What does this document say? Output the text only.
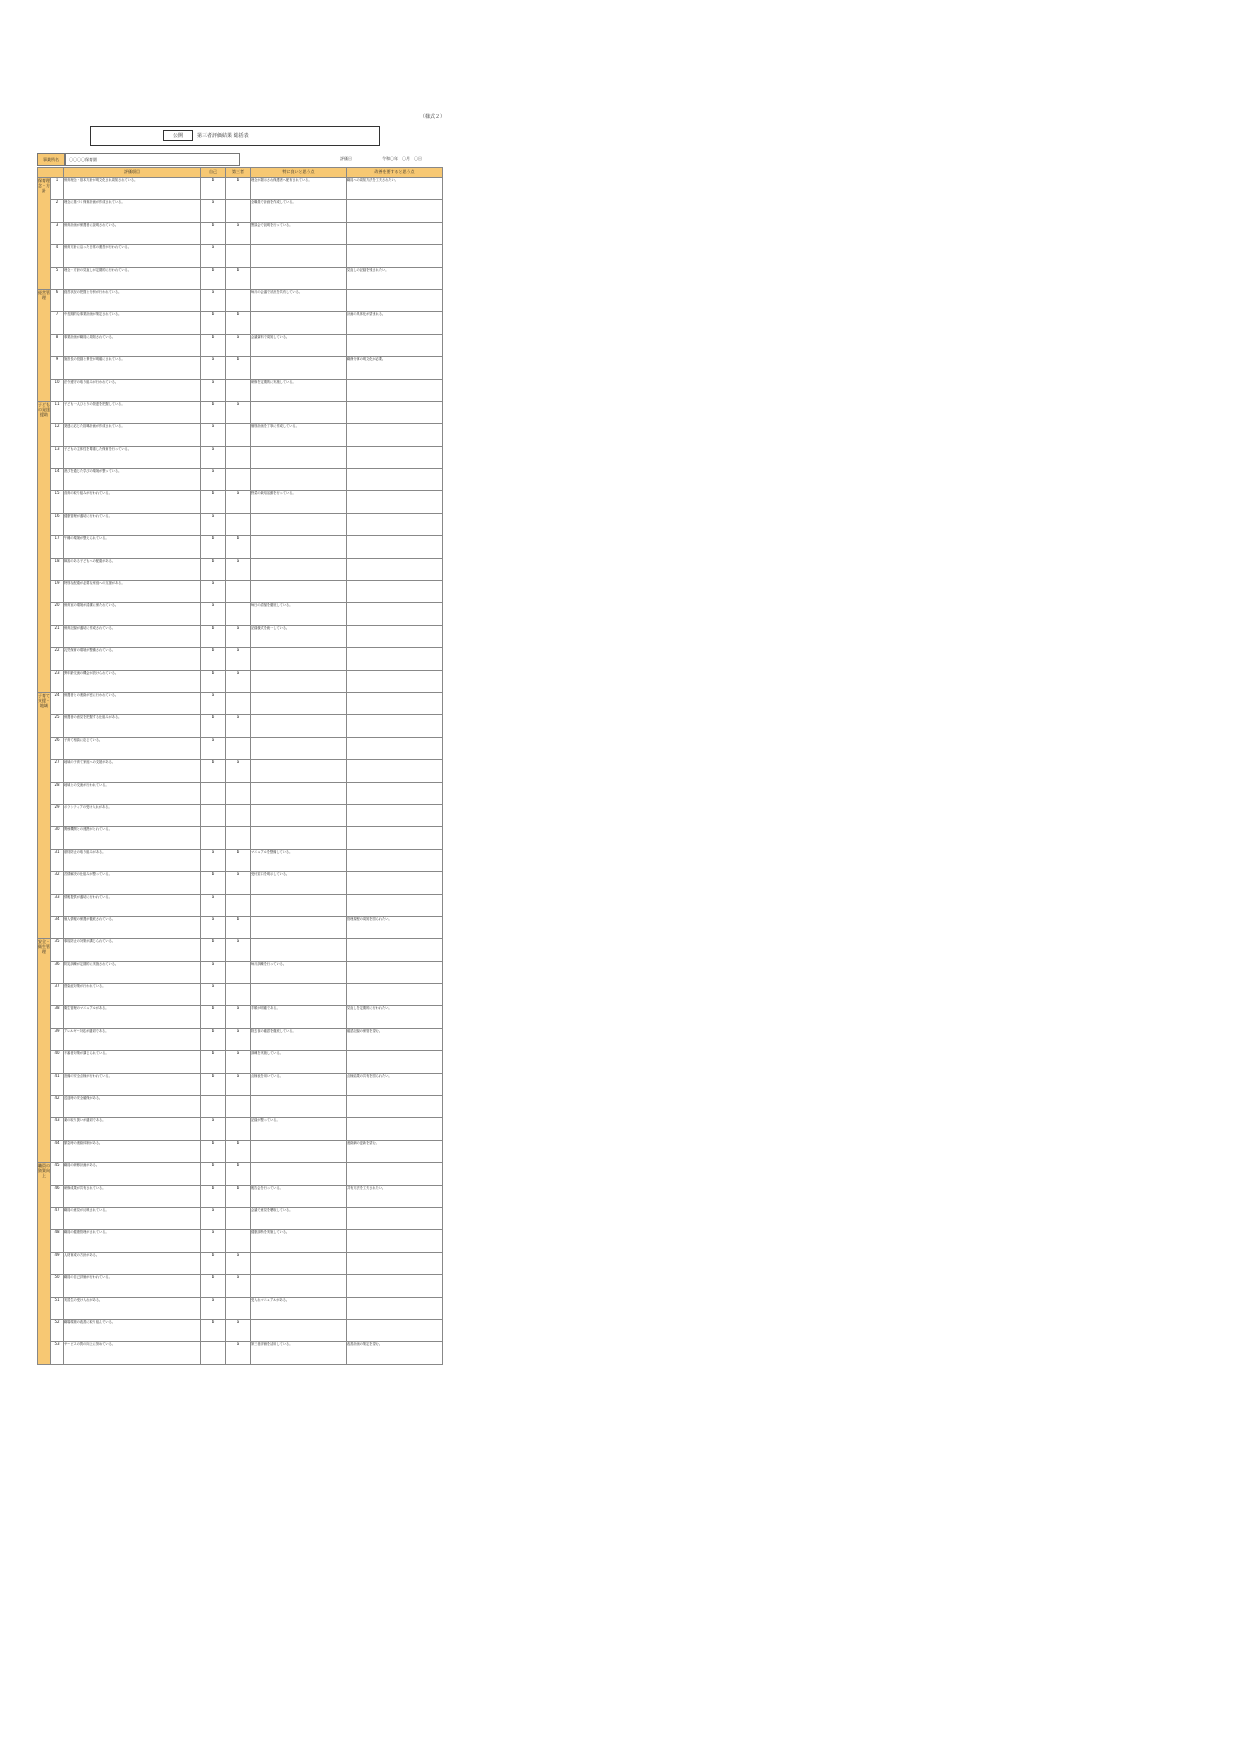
（様式２）
公開	第三者評価結果 総括表
事業所名	〇〇〇〇保育園	評価日	令和〇年　〇月　〇日
		評価項目	自己	第三者	特に良いと思う点	改善を要すると思う点
保育理念・方針	1	保育理念・基本方針が明文化され周知されている。	b	b	理念が掲示され保護者へ配布されている。	職員への周知方法を工夫されたい。
	2	理念に基づく保育計画が作成されている。	a		全職員で計画を作成している。	
	3	保育計画が保護者に説明されている。	b	a	懇談会で説明を行っている。	
	4	保育方針に沿った日常の運営が行われている。	a			
	5	理念・方針の見直しが定期的に行われている。	b	b		見直しの記録を残されたい。
経営管理	6	経営状況の把握と分析が行われている。	a		毎月の会議で状況を共有している。	
	7	中長期的な事業計画が策定されている。	b	b		計画の具体化が望まれる。
	8	事業計画が職員に周知されている。	b	a	会議資料で周知している。	
	9	施設長の役割と責任が明確にされている。	a	b		職務分掌の明文化が必要。
	10	法令遵守の取り組みが行われている。	a		研修を定期的に実施している。	
子どもの発達援助	11	子ども一人ひとりの発達を把握している。	b	a		
	12	発達に応じた指導計画が作成されている。	a		個別計画を丁寧に作成している。	
	13	子どもの主体性を尊重した保育を行っている。	a			
	14	遊びを通じた学びの環境が整っている。	a			
	15	食育の取り組みが行われている。	b	a	野菜の栽培活動を行っている。	
	16	健康管理が適切に行われている。	a			
	17	午睡の環境が整えられている。	b	b		
	18	障害のある子どもへの配慮がある。	b	a		
	19	特別な配慮が必要な家庭への支援がある。	a			
	20	保育室の環境が清潔に保たれている。	a		毎日の清掃を徹底している。	
	21	保育記録が適切に作成されている。	b	a	記録様式を統一している。	
	22	乳児保育の環境が整備されている。	b	a		
	23	異年齢交流の機会が設けられている。	b	a		
子育て支援・地域	24	保護者との連絡が密に行われている。	a			
	25	保護者の意見を把握する仕組みがある。	b	a		
	26	子育て相談に応じている。	a			
	27	地域の子育て家庭への支援がある。	b	a		
	28	地域との交流が行われている。				
	29	ボランティアの受け入れがある。				
	30	関係機関との連携がとれている。				
	31	虐待防止の取り組みがある。	a	b	マニュアルを整備している。	
	32	苦情解決の仕組みが整っている。	b	a	受付窓口を明示している。	
	33	情報提供が適切に行われている。	a			
	34	個人情報の保護が徹底されている。	a	b		管理規程の周知を図られたい。
安全・衛生管理	35	事故防止の対策が講じられている。	b	a		
	36	防災訓練が定期的に実施されている。	a		毎月訓練を行っている。	
	37	感染症対策が行われている。	a			
	38	衛生管理のマニュアルがある。	b	a	手順が明確である。	見直しを定期的に行われたい。
	39	アレルギー対応が適切である。	b	a	除去食の確認を徹底している。	確認記録の保管を望む。
	40	不審者対策が講じられている。	b	a	訓練を実施している。	
	41	設備の安全点検が行われている。	b	a	点検表を用いている。	点検結果の共有を図られたい。
	42	送迎時の安全確保がある。				
	43	薬の取り扱いが適切である。	a		記録が整っている。	
	44	緊急時の連絡体制がある。	b	b		連絡網の更新を望む。
職員の資質向上	45	職員の研修計画がある。	b	b		
	46	研修成果が共有されている。	b	b	報告会を行っている。	共有方法を工夫されたい。
	47	職員の意見が反映されている。	a		会議で意見を聴取している。	
	48	職員の健康管理がされている。	a		健康診断を実施している。	
	49	人材育成の方針がある。	b	a		
	50	職員の自己評価が行われている。	b	a		
	51	実習生の受け入れがある。	a		受入れマニュアルがある。	
	52	職場環境の改善に取り組んでいる。	b	a		
	53	サービスの質の向上に努めている。		a	第三者評価を活用している。	改善計画の策定を望む。
